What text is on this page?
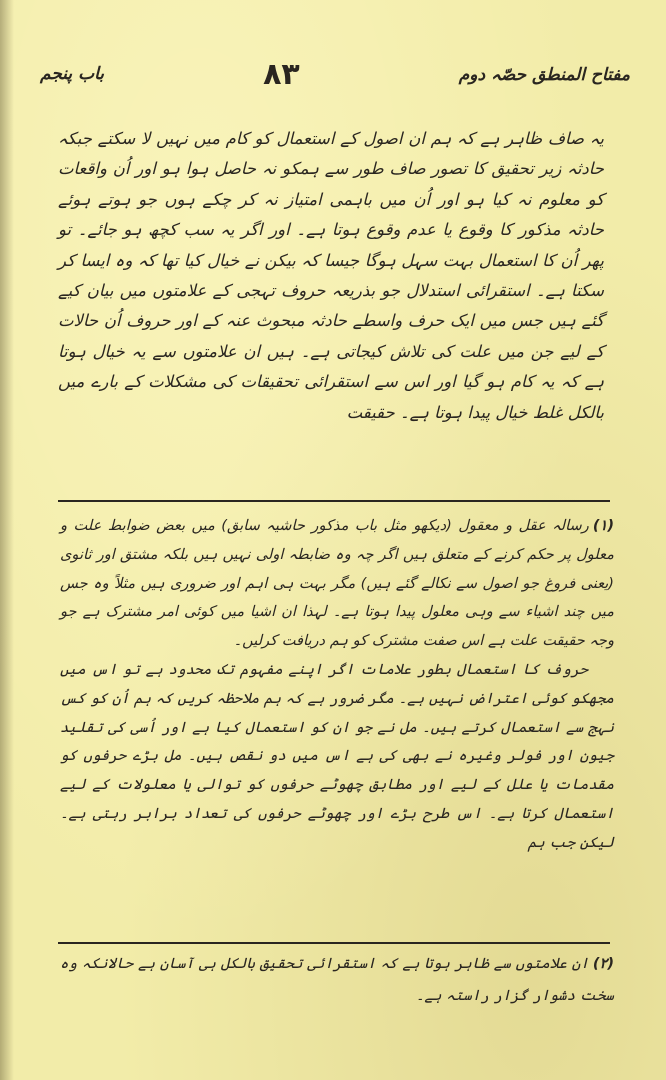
مفتاح المنطق حصّہ دوم
۸۳
باب پنجم

یہ صاف ظاہر ہے کہ ہم ان اصول کے استعمال کو کام میں نہیں لا سکتے جبکہ حادثہ زیر تحقیق کا تصور صاف طور سے ہمکو نہ حاصل ہوا ہو اور اُن واقعات کو معلوم نہ کیا ہو اور اُن میں باہمی امتیاز نہ کر چکے ہوں جو ہوتے ہوئے حادثہ مذکور کا وقوع یا عدم وقوع ہوتا ہے۔ اور اگر یہ سب کچھ ہو جائے۔ تو پھر اُن کا استعمال بہت سہل ہوگا جیسا کہ بیکن نے خیال کیا تھا کہ وہ ایسا کر سکتا ہے۔ استقرائی استدلال جو بذریعہ حروف تہجی کے علامتوں میں بیان کیے گئے ہیں جس میں ایک حرف واسطے حادثہ مبحوث عنہ کے اور حروف اُن حالات کے لیے جن میں علت کی تلاش کیجاتی ہے۔ ہیں ان علامتوں سے یہ خیال ہوتا ہے کہ یہ کام ہو گیا اور اس سے استقرائی تحقیقات کی مشکلات کے بارے میں بالکل غلط خیال پیدا ہوتا ہے۔ حقیقت

(۱)رسالہ عقل و معقول (دیکھو مثل باب مذکور حاشیہ سابق) میں بعض ضوابط علت و معلول پر حکم کرنے کے متعلق ہیں اگر چہ وہ ضابطہ اولی نہیں ہیں بلکہ مشتق اور ثانوی (یعنی فروغ جو اصول سے نکالے گئے ہیں) مگر بہت ہی اہم اور ضروری ہیں مثلاً وہ جس میں چند اشیاء سے وہی معلول پیدا ہوتا ہے۔ لہذا ان اشیا میں کوئی امر مشترک ہے جو وجہ حقیقت علت ہے اس صفت مشترک کو ہم دریافت کرلیں۔

حروف کا استعمال بطور علامات اگر اپنے مفہوم تک محدود ہے تو اس میں مجھکو کوئی اعتراض نہیں ہے۔ مگر ضرور ہے کہ ہم ملاحظہ کریں کہ ہم اُن کو کس نہج سے استعمال کرتے ہیں۔ مل نے جو ان کو استعمال کیا ہے اور اُسی کی تقلید جیون اور فولر وغیرہ نے بھی کی ہے اس میں دو نقص ہیں۔ مل بڑے حرفوں کو مقدمات یا علل کے لیے اور مطابق چھوٹے حرفوں کو توالی یا معلولات کے لیے استعمال کرتا ہے۔ اس طرح بڑے اور چھوٹے حرفوں کی تعداد برابر رہتی ہے۔ لیکن جب ہم

(۲)ان علامتوں سے ظاہر ہوتا ہے کہ استقرائی تحقیق بالکل ہی آسان ہے حالانکہ وہ سخت دشوار گزار راستہ ہے۔
